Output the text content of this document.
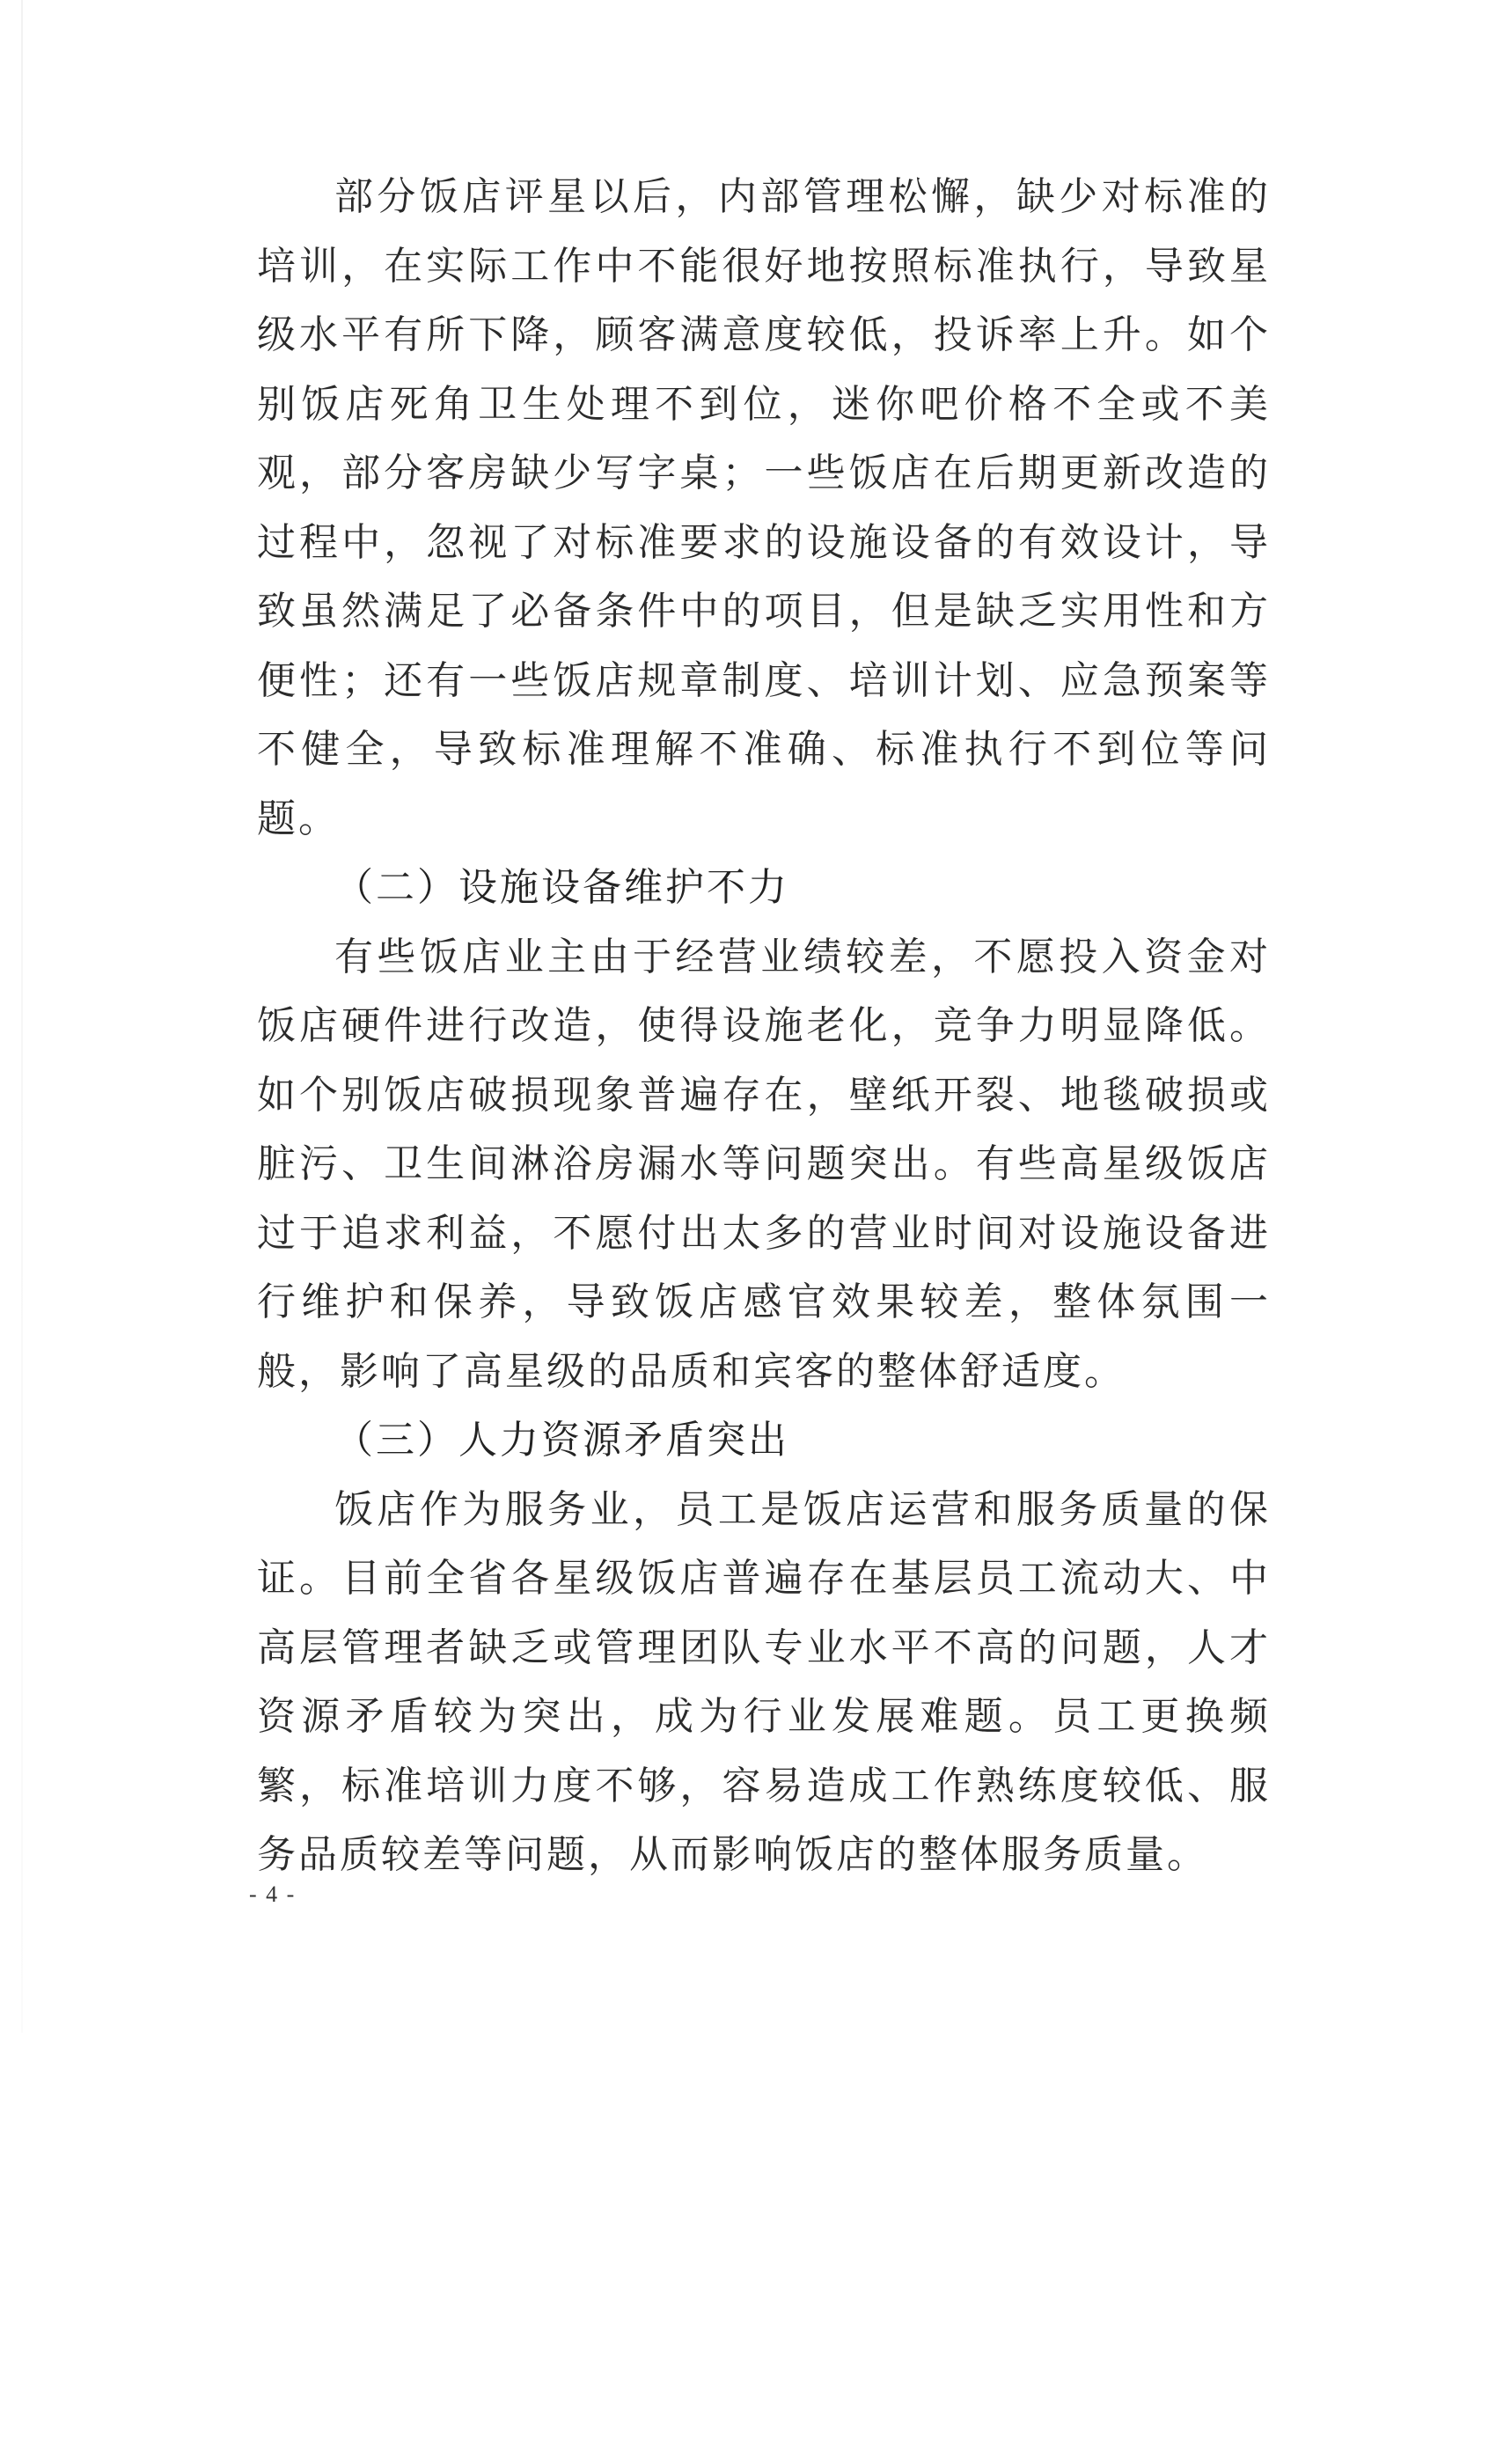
部分饭店评星以后，内部管理松懈，缺少对标准的培训，在实际工作中不能很好地按照标准执行，导致星级水平有所下降，顾客满意度较低，投诉率上升。如个别饭店死角卫生处理不到位，迷你吧价格不全或不美观，部分客房缺少写字桌；一些饭店在后期更新改造的过程中，忽视了对标准要求的设施设备的有效设计，导致虽然满足了必备条件中的项目，但是缺乏实用性和方便性；还有一些饭店规章制度、培训计划、应急预案等不健全，导致标准理解不准确、标准执行不到位等问题。

（二）设施设备维护不力

有些饭店业主由于经营业绩较差，不愿投入资金对饭店硬件进行改造，使得设施老化，竞争力明显降低。如个别饭店破损现象普遍存在，壁纸开裂、地毯破损或脏污、卫生间淋浴房漏水等问题突出。有些高星级饭店过于追求利益，不愿付出太多的营业时间对设施设备进行维护和保养，导致饭店感官效果较差，整体氛围一般，影响了高星级的品质和宾客的整体舒适度。

（三）人力资源矛盾突出

饭店作为服务业，员工是饭店运营和服务质量的保证。目前全省各星级饭店普遍存在基层员工流动大、中高层管理者缺乏或管理团队专业水平不高的问题，人才资源矛盾较为突出，成为行业发展难题。员工更换频繁，标准培训力度不够，容易造成工作熟练度较低、服务品质较差等问题，从而影响饭店的整体服务质量。

- 4 -
